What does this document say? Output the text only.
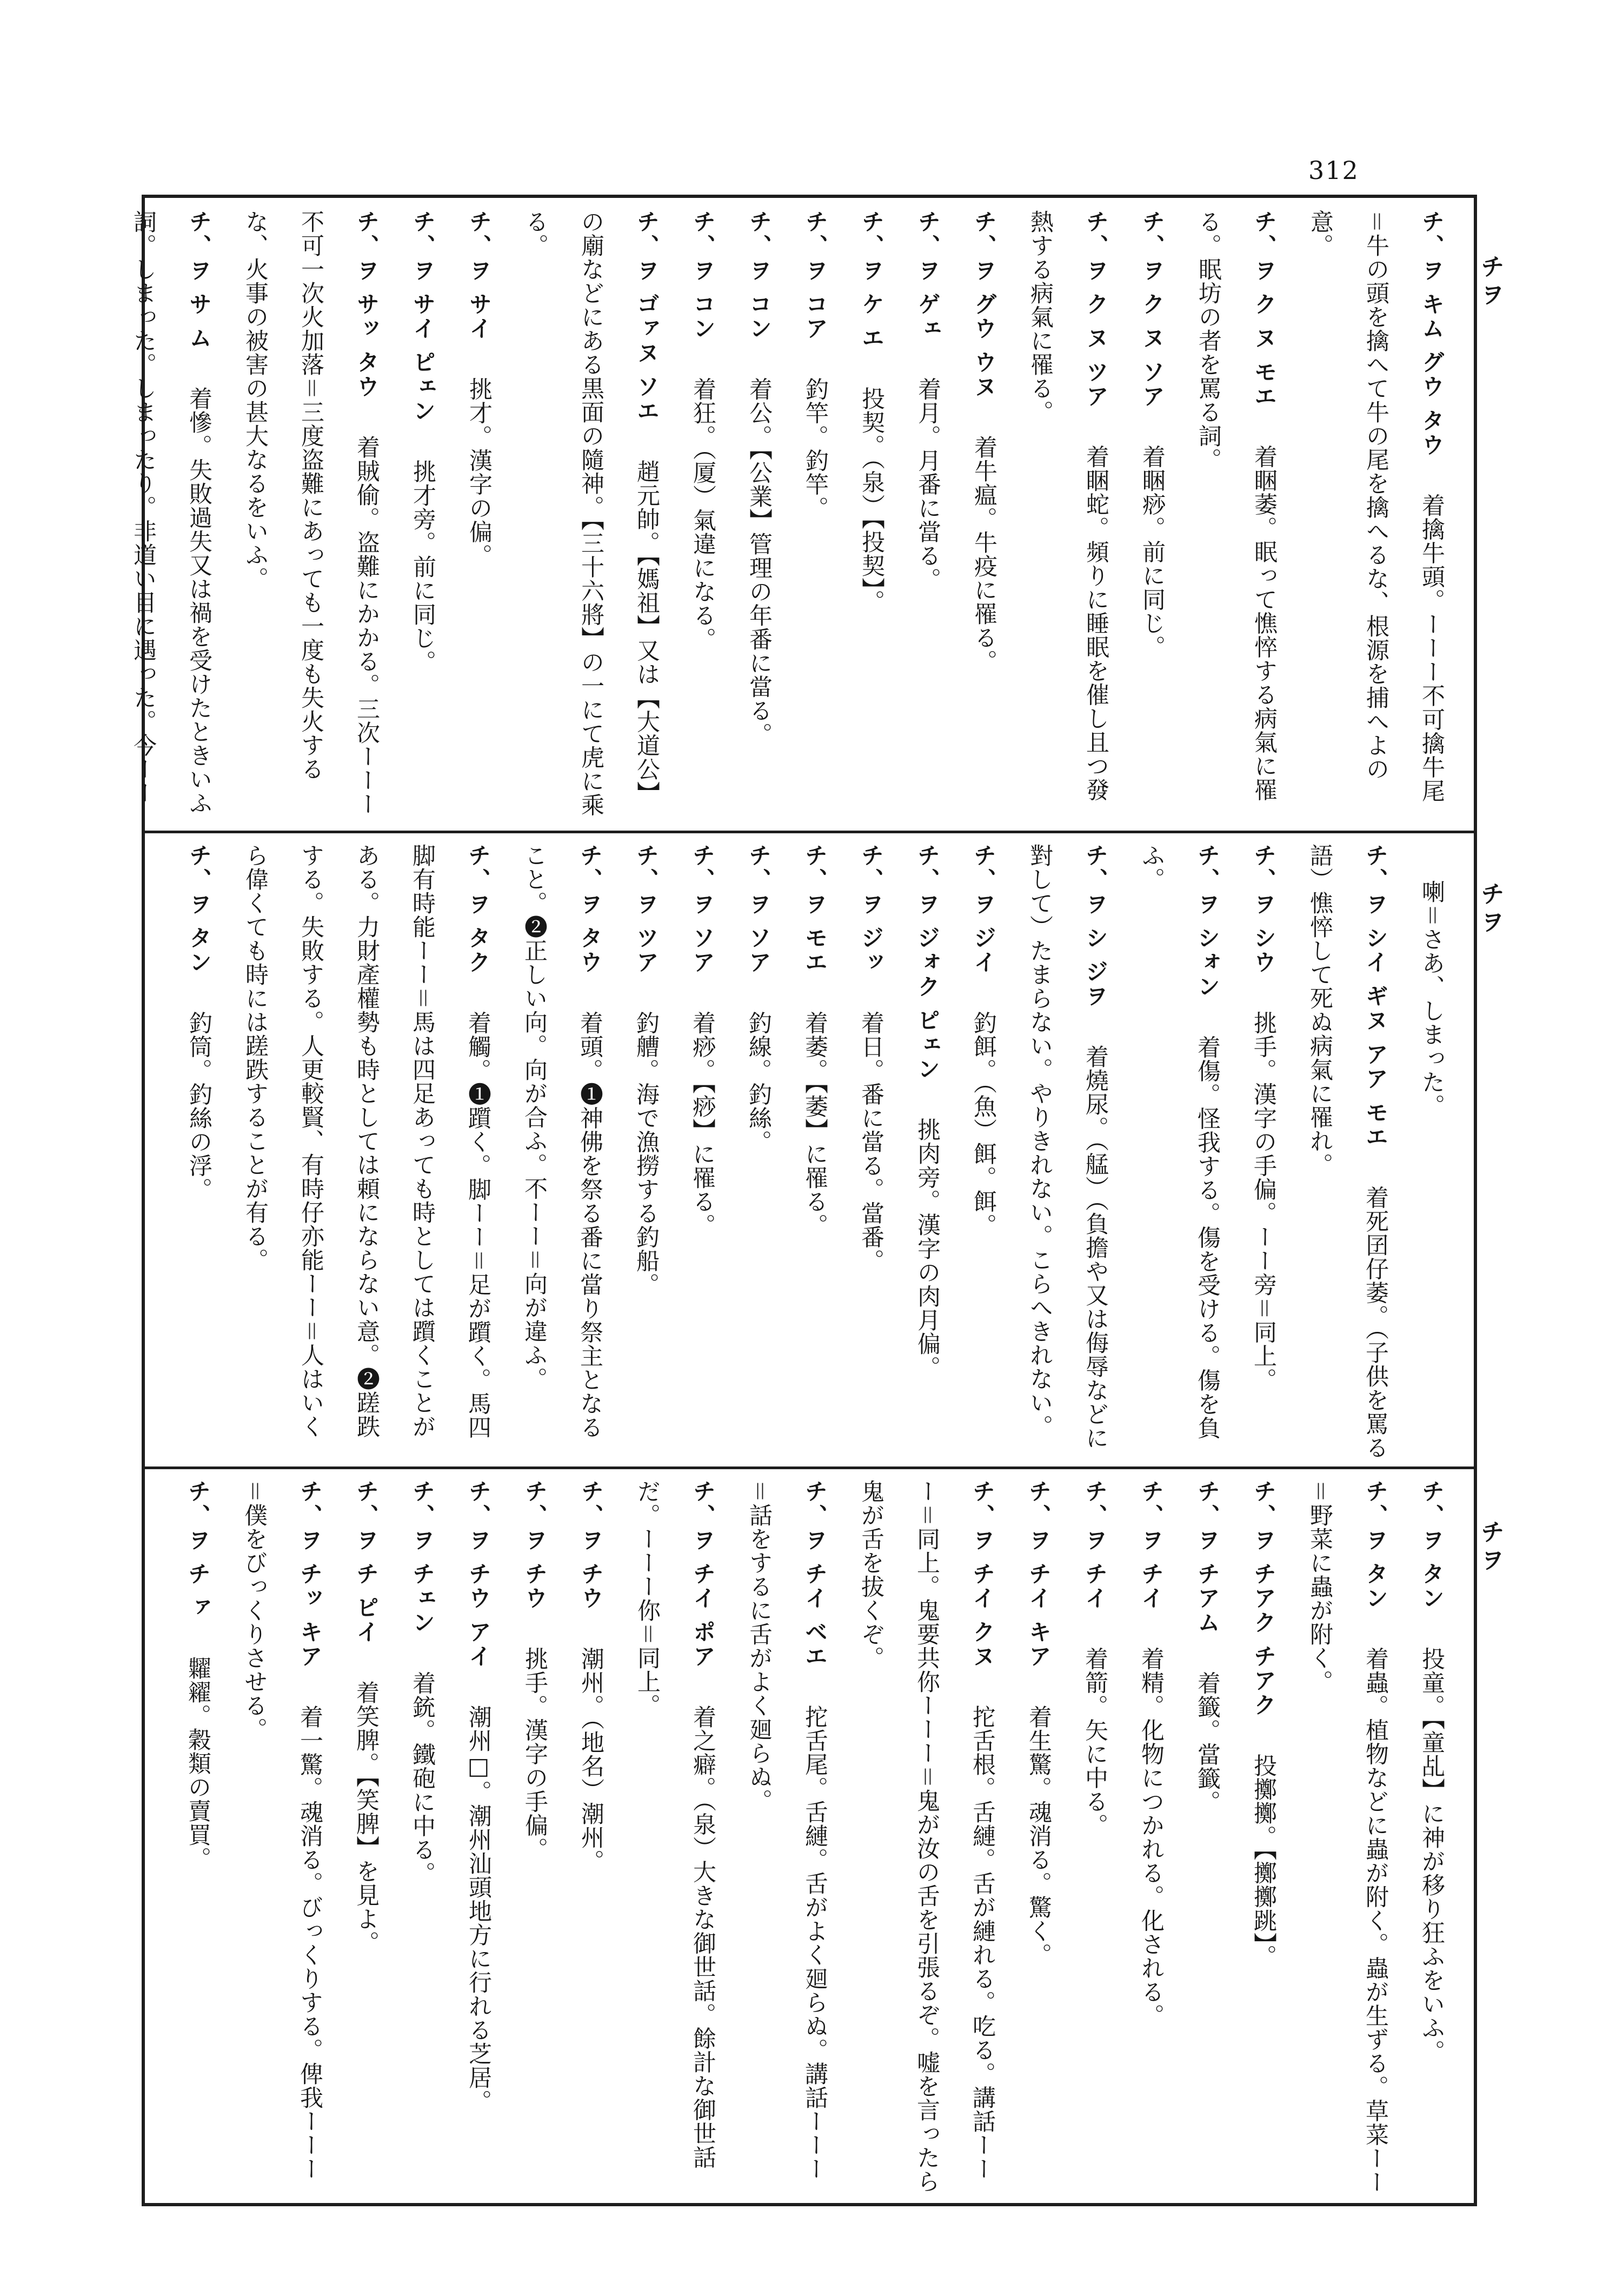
312
チヲ
チヲ
チヲ

チ、ヲ キム グウ タウ　着擒牛頭。ーーー不可擒牛尾＝牛の頭を擒へて牛の尾を擒へるな、根源を捕へよの意。

チ、ヲ ク ヌ モエ　着睏萎。眠って憔悴する病氣に罹る。眠坊の者を罵る詞。

チ、ヲ ク ヌ ソア　着睏痧。前に同じ。

チ、ヲ ク ヌ ツア　着睏蛇。頻りに睡眠を催し且つ發熱する病氣に罹る。

チ、ヲ グウ ウヌ　着牛瘟。牛疫に罹る。

チ、ヲ ゲェ　着月。月番に當る。

チ、ヲ ケ エ　投契。（泉）【投契】。

チ、ヲ コア　釣竿。釣竿。

チ、ヲ コン　着公。【公業】管理の年番に當る。

チ、ヲ コン　着狂。（厦）氣違になる。

チ、ヲ ゴァヌ ソエ　趙元帥。【媽祖】又は【大道公】の廟などにある黒面の隨神。【三十六將】の一にて虎に乘る。

チ、ヲ サイ　挑才。漢字の偏。

チ、ヲ サイ ピェン　挑才旁。前に同じ。

チ、ヲ サッ タウ　着賊偷。盗難にかかる。三次ーーー不可一次火加落＝三度盗難にあっても一度も失火するな、火事の被害の甚大なるをいふ。

チ、ヲ サ ム　着慘。失敗過失又は禍を受けたときいふ詞。しまった。しまったり。非道い目に遇った。今ーー

　喇＝さあ、しまった。

チ、ヲ シイ ギヌ アア モエ　着死囝仔萎。（子供を罵る語）憔悴して死ぬ病氣に罹れ。

チ、ヲ シウ　挑手。漢字の手偏。ーー旁＝同上。

チ、ヲ シォン　着傷。怪我する。傷を受ける。傷を負ふ。

チ、ヲ シ ジヲ　着燒尿。（艋）（負擔や又は侮辱などに對して）たまらない。やりきれない。こらへきれない。

チ、ヲ ジイ　釣餌。（魚）餌。餌。

チ、ヲ ジォク ピェン　挑肉旁。漢字の肉月偏。

チ、ヲ ジッ　着日。番に當る。當番。

チ、ヲ モエ　着萎。【萎】に罹る。

チ、ヲ ソア　釣線。釣絲。

チ、ヲ ソア　着痧。【痧】に罹る。

チ、ヲ ツア　釣艚。海で漁撈する釣船。

チ、ヲ タウ　着頭。❶神佛を祭る番に當り祭主となること。❷正しい向。向が合ふ。不ーー＝向が違ふ。

チ、ヲ タク　着觸。❶躓く。脚ーー＝足が躓く。馬四脚有時能ーー＝馬は四足あっても時としては躓くことがある。力財產權勢も時としては頼にならない意。❷蹉跌する。失敗する。人更較賢、有時仔亦能ーー＝人はいくら偉くても時には蹉跌することが有る。

チ、ヲ タン　釣筒。釣絲の浮。

チ、ヲ タン　投童。【童乩】に神が移り狂ふをいふ。

チ、ヲ タン　着蟲。植物などに蟲が附く。蟲が生ずる。草菜ーー＝野菜に蟲が附く。

チ、ヲ チアク チアク　投擲擲。【擲擲跳】。

チ、ヲ チアム　着籤。當籤。

チ、ヲ チイ　着精。化物につかれる。化される。

チ、ヲ チイ　着箭。矢に中る。

チ、ヲ チイ キア　着生驚。魂消る。驚く。

チ、ヲ チイ クヌ　拕舌根。舌縺。舌が縺れる。吃る。講話ーーー＝同上。鬼要共你ーーー＝鬼が汝の舌を引張るぞ。嘘を言ったら鬼が舌を拔くぞ。

チ、ヲ チイ ベエ　拕舌尾。舌縺。舌がよく廻らぬ。講話ーーー＝話をするに舌がよく廻らぬ。

チ、ヲ チイ ポア　着之癖。（泉）大きな御世話。餘計な御世話だ。ーーー你＝同上。

チ、ヲ チウ　潮州。（地名）潮州。

チ、ヲ チウ　挑手。漢字の手偏。

チ、ヲ チウ アイ　潮州□。潮州汕頭地方に行れる芝居。

チ、ヲ チェン　着銃。鐵砲に中る。

チ、ヲ チ ピイ　着笑脾。【笑脾】を見よ。

チ、ヲ チッ キア　着一驚。魂消る。びっくりする。俾我ーーー＝僕をびっくりさせる。

チ、ヲ チ ァ　糶糴。穀類の賣買。
